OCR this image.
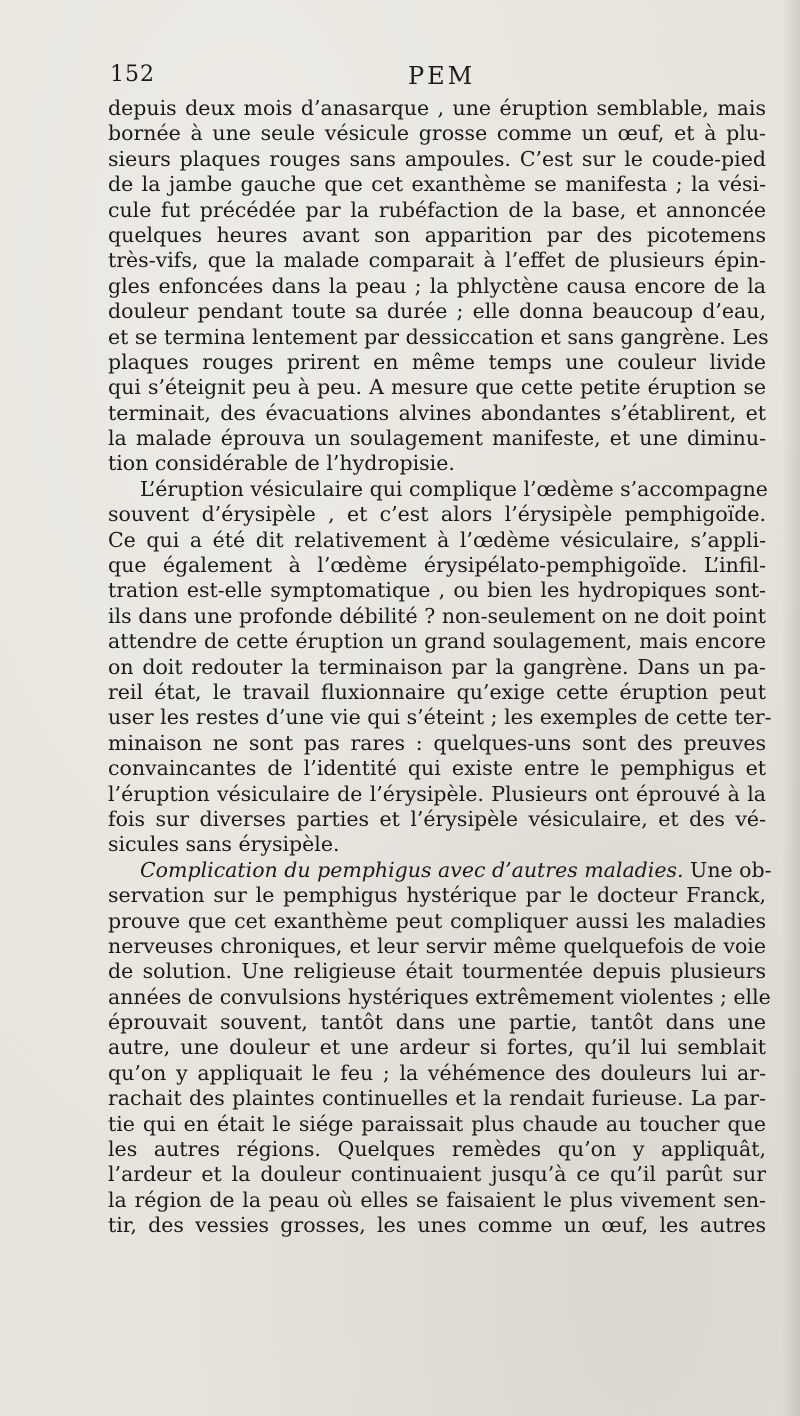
152	PEM
depuis deux mois d’anasarque , une éruption semblable, mais
bornée à une seule vésicule grosse comme un œuf, et à plu-
sieurs plaques rouges sans ampoules. C’est sur le coude-pied
de la jambe gauche que cet exanthème se manifesta ; la vési-
cule fut précédée par la rubéfaction de la base, et annoncée
quelques heures avant son apparition par des picotemens
très-vifs, que la malade comparait à l’effet de plusieurs épin-
gles enfoncées dans la peau ; la phlyctène causa encore de la
douleur pendant toute sa durée ; elle donna beaucoup d’eau,
et se termina lentement par dessiccation et sans gangrène. Les
plaques rouges prirent en même temps une couleur livide
qui s’éteignit peu à peu. A mesure que cette petite éruption se
terminait, des évacuations alvines abondantes s’établirent, et
la malade éprouva un soulagement manifeste, et une diminu-
tion considérable de l’hydropisie.
L’éruption vésiculaire qui complique l’œdème s’accompagne
souvent d’érysipèle , et c’est alors l’érysipèle pemphigoïde.
Ce qui a été dit relativement à l’œdème vésiculaire, s’appli-
que également à l’œdème érysipélato-pemphigoïde. L’infil-
tration est-elle symptomatique , ou bien les hydropiques sont-
ils dans une profonde débilité ? non-seulement on ne doit point
attendre de cette éruption un grand soulagement, mais encore
on doit redouter la terminaison par la gangrène. Dans un pa-
reil état, le travail fluxionnaire qu’exige cette éruption peut
user les restes d’une vie qui s’éteint ; les exemples de cette ter-
minaison ne sont pas rares : quelques-uns sont des preuves
convaincantes de l’identité qui existe entre le pemphigus et
l’éruption vésiculaire de l’érysipèle. Plusieurs ont éprouvé à la
fois sur diverses parties et l’érysipèle vésiculaire, et des vé-
sicules sans érysipèle.
Complication du pemphigus avec d’autres maladies. Une ob-
servation sur le pemphigus hystérique par le docteur Franck,
prouve que cet exanthème peut compliquer aussi les maladies
nerveuses chroniques, et leur servir même quelquefois de voie
de solution. Une religieuse était tourmentée depuis plusieurs
années de convulsions hystériques extrêmement violentes ; elle
éprouvait souvent, tantôt dans une partie, tantôt dans une
autre, une douleur et une ardeur si fortes, qu’il lui semblait
qu’on y appliquait le feu ; la véhémence des douleurs lui ar-
rachait des plaintes continuelles et la rendait furieuse. La par-
tie qui en était le siége paraissait plus chaude au toucher que
les autres régions. Quelques remèdes qu’on y appliquât,
l’ardeur et la douleur continuaient jusqu’à ce qu’il parût sur
la région de la peau où elles se faisaient le plus vivement sen-
tir, des vessies grosses, les unes comme un œuf, les autres
